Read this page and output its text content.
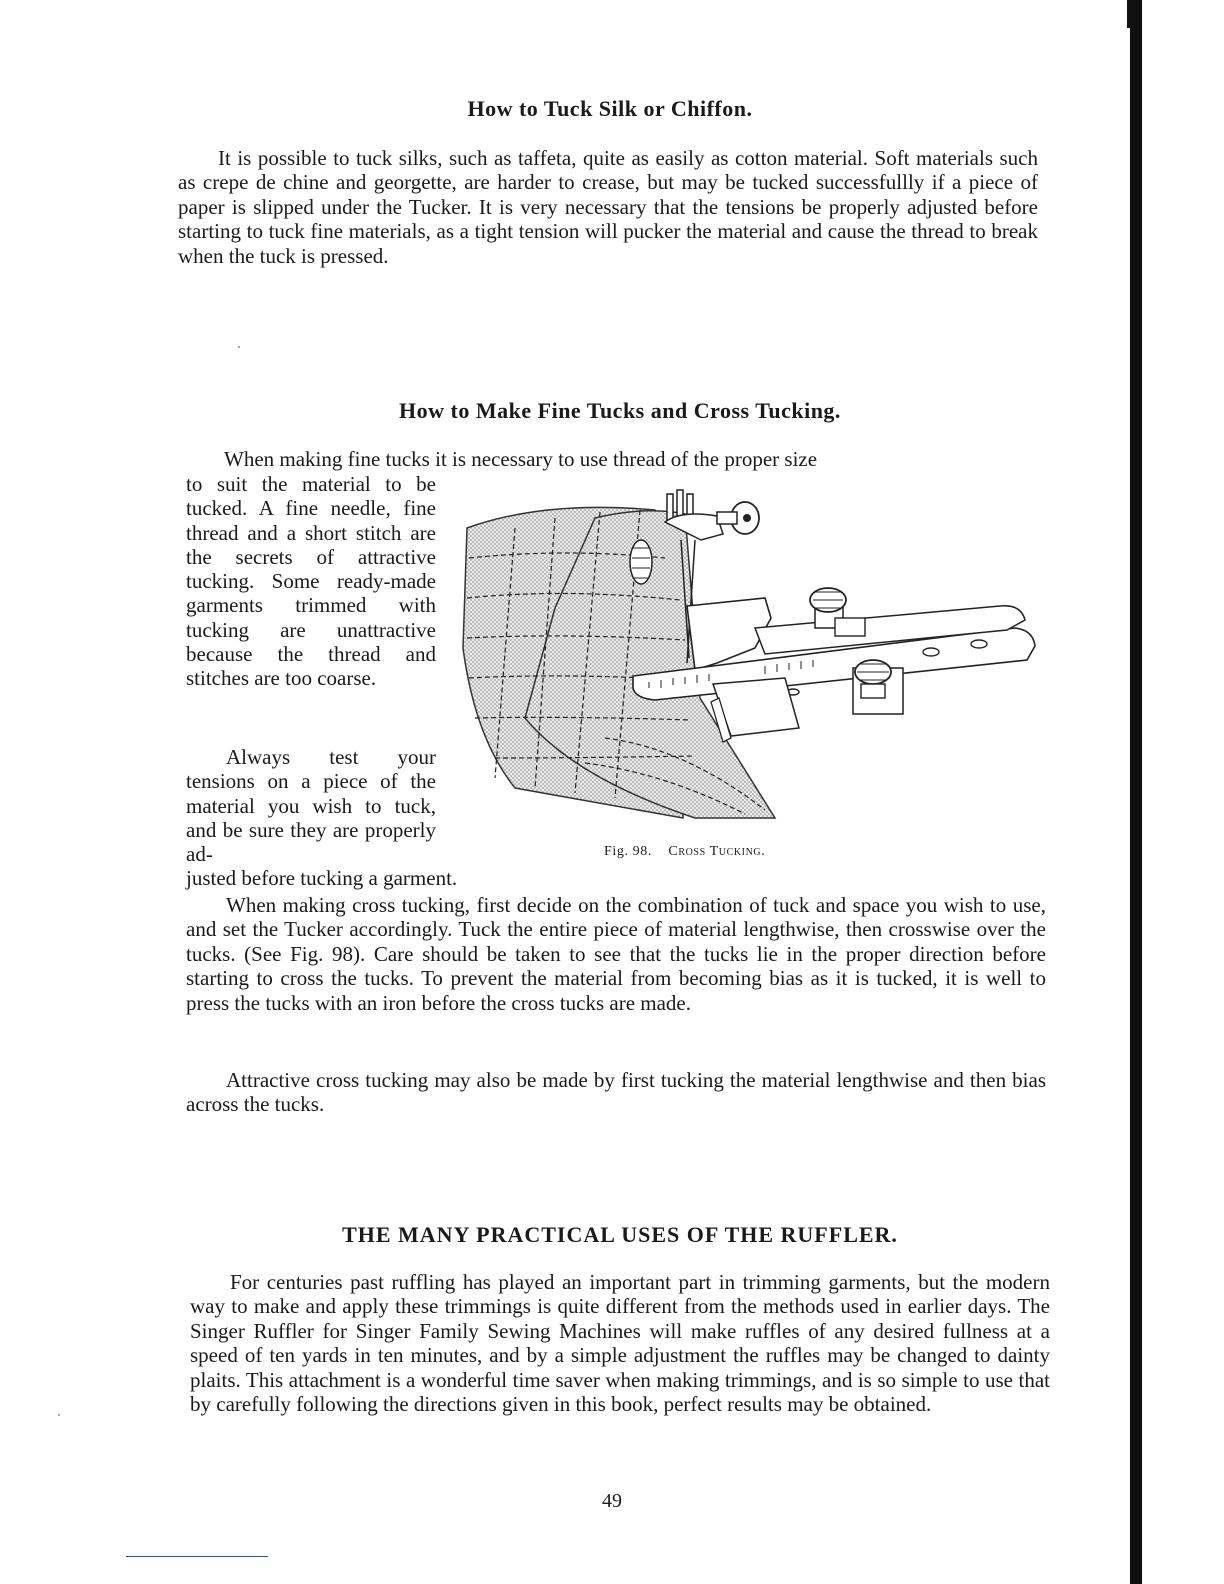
How to Tuck Silk or Chiffon.

It is possible to tuck silks, such as taffeta, quite as easily as cotton material. Soft materials such as crepe de chine and georgette, are harder to crease, but may be tucked successfullly if a piece of paper is slipped under the Tucker. It is very necessary that the tensions be properly adjusted before starting to tuck fine materials, as a tight tension will pucker the material and cause the thread to break when the tuck is pressed.

How to Make Fine Tucks and Cross Tucking.

When making fine tucks it is necessary to use thread of the proper size

to suit the material to be tucked. A fine needle, fine thread and a short stitch are the secrets of attractive tucking. Some ready-made garments trimmed with tucking are unattractive because the thread and stitches are too coarse.

Always test your tensions on a piece of the material you wish to tuck, and be sure they are properly ad-

justed before tucking a garment.

Fig. 98. Cross Tucking.

When making cross tucking, first decide on the combination of tuck and space you wish to use, and set the Tucker accordingly. Tuck the entire piece of material lengthwise, then crosswise over the tucks. (See Fig. 98). Care should be taken to see that the tucks lie in the proper direction before starting to cross the tucks. To prevent the material from becoming bias as it is tucked, it is well to press the tucks with an iron before the cross tucks are made.

Attractive cross tucking may also be made by first tucking the material lengthwise and then bias across the tucks.

THE MANY PRACTICAL USES OF THE RUFFLER.

For centuries past ruffling has played an important part in trimming garments, but the modern way to make and apply these trimmings is quite different from the methods used in earlier days. The Singer Ruffler for Singer Family Sewing Machines will make ruffles of any desired fullness at a speed of ten yards in ten minutes, and by a simple adjustment the ruffles may be changed to dainty plaits. This attachment is a wonderful time saver when making trimmings, and is so simple to use that by carefully following the directions given in this book, perfect results may be obtained.

49
